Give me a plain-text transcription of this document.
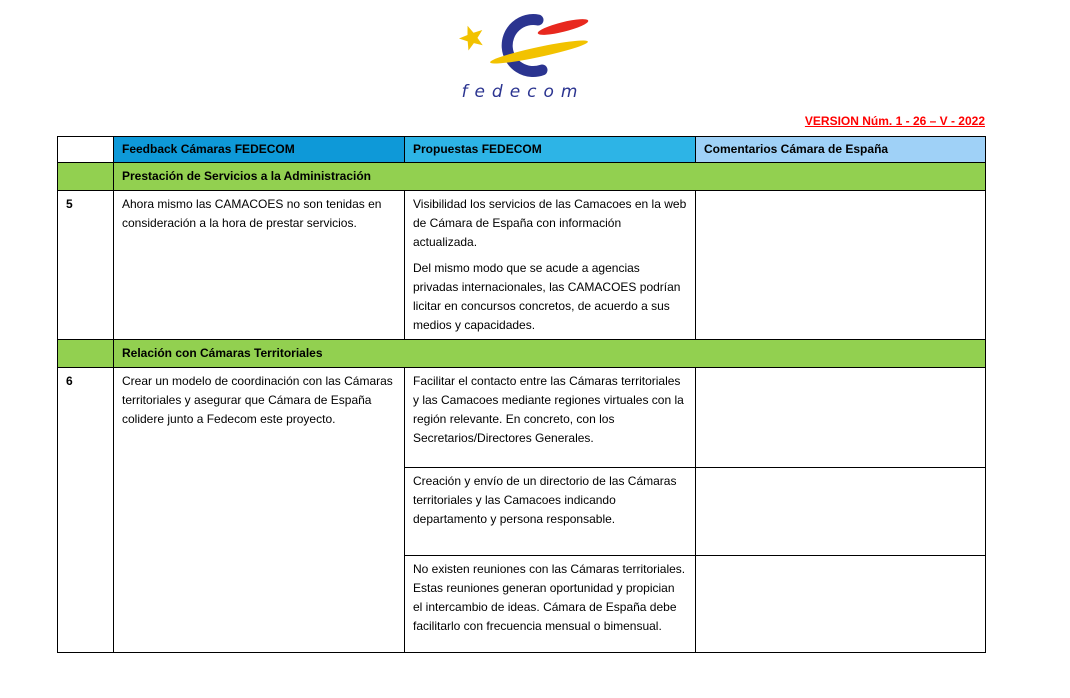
fedecom
VERSION Núm. 1 - 26 – V - 2022
	Feedback Cámaras FEDECOM	Propuestas FEDECOM	Comentarios Cámara de España
	Prestación de Servicios a la Administración		
5	Ahora mismo las CAMACOES no son tenidas en consideración a la hora de prestar servicios.	Visibilidad los servicios de las Camacoes en la web de Cámara de España con información actualizada.

Del mismo modo que se acude a agencias privadas internacionales, las CAMACOES podrían licitar en concursos concretos, de acuerdo a sus medios y capacidades.	

	Relación con Cámaras Territoriales		
6	Crear un modelo de coordinación con las Cámaras territoriales y asegurar que Cámara de España colidere junto a Fedecom este proyecto.	Facilitar el contacto entre las Cámaras territoriales y las Camacoes mediante regiones virtuales con la región relevante. En concreto, con los Secretarios/Directores Generales.	

		Creación y envío de un directorio de las Cámaras territoriales y las Camacoes indicando departamento y persona responsable.	

		No existen reuniones con las Cámaras territoriales. Estas reuniones generan oportunidad y propician el intercambio de ideas. Cámara de España debe facilitarlo con frecuencia mensual o bimensual.	
